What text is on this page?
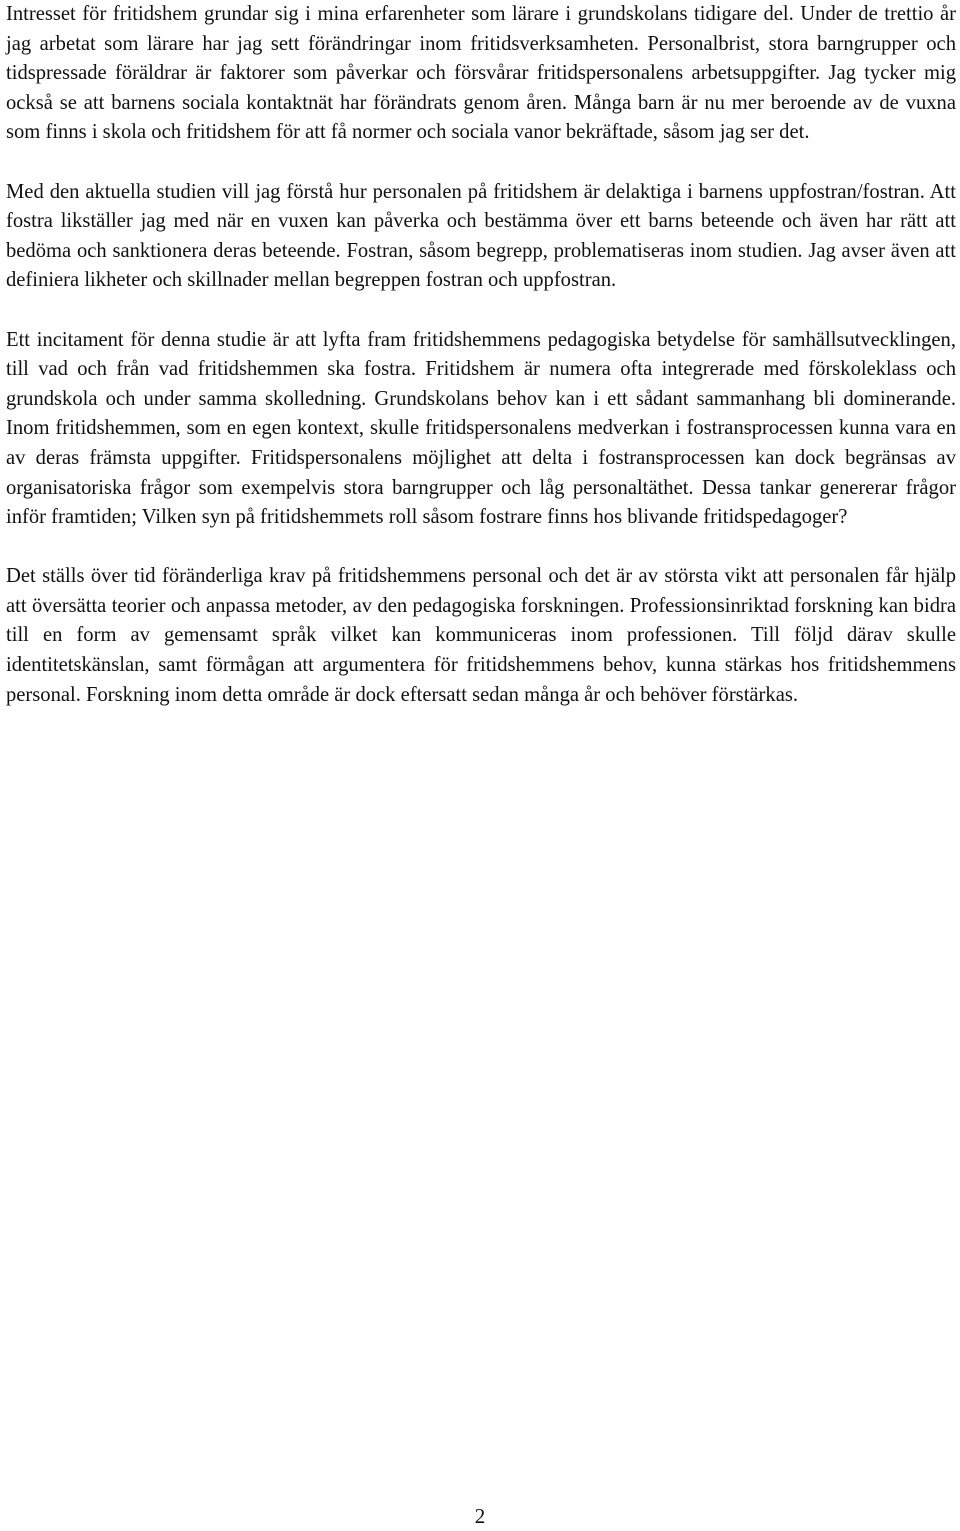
Intresset för fritidshem grundar sig i mina erfarenheter som lärare i grundskolans tidigare del. Under de trettio år jag arbetat som lärare har jag sett förändringar inom fritidsverksamheten. Personalbrist, stora barngrupper och tidspressade föräldrar är faktorer som påverkar och försvårar fritidspersonalens arbetsuppgifter. Jag tycker mig också se att barnens sociala kontaktnät har förändrats genom åren. Många barn är nu mer beroende av de vuxna som finns i skola och fritidshem för att få normer och sociala vanor bekräftade, såsom jag ser det.

Med den aktuella studien vill jag förstå hur personalen på fritidshem är delaktiga i barnens uppfostran/fostran. Att fostra likställer jag med när en vuxen kan påverka och bestämma över ett barns beteende och även har rätt att bedöma och sanktionera deras beteende. Fostran, såsom begrepp, problematiseras inom studien. Jag avser även att definiera likheter och skillnader mellan begreppen fostran och uppfostran.

Ett incitament för denna studie är att lyfta fram fritidshemmens pedagogiska betydelse för samhällsutvecklingen, till vad och från vad fritidshemmen ska fostra. Fritidshem är numera ofta integrerade med förskoleklass och grundskola och under samma skolledning. Grundskolans behov kan i ett sådant sammanhang bli dominerande. Inom fritidshemmen, som en egen kontext, skulle fritidspersonalens medverkan i fostransprocessen kunna vara en av deras främsta uppgifter. Fritidspersonalens möjlighet att delta i fostransprocessen kan dock begränsas av organisatoriska frågor som exempelvis stora barngrupper och låg personaltäthet. Dessa tankar genererar frågor inför framtiden; Vilken syn på fritidshemmets roll såsom fostrare finns hos blivande fritidspedagoger?

Det ställs över tid föränderliga krav på fritidshemmens personal och det är av största vikt att personalen får hjälp att översätta teorier och anpassa metoder, av den pedagogiska forskningen. Professionsinriktad forskning kan bidra till en form av gemensamt språk vilket kan kommuniceras inom professionen. Till följd därav skulle identitetskänslan, samt förmågan att argumentera för fritidshemmens behov, kunna stärkas hos fritidshemmens personal. Forskning inom detta område är dock eftersatt sedan många år och behöver förstärkas.

2
